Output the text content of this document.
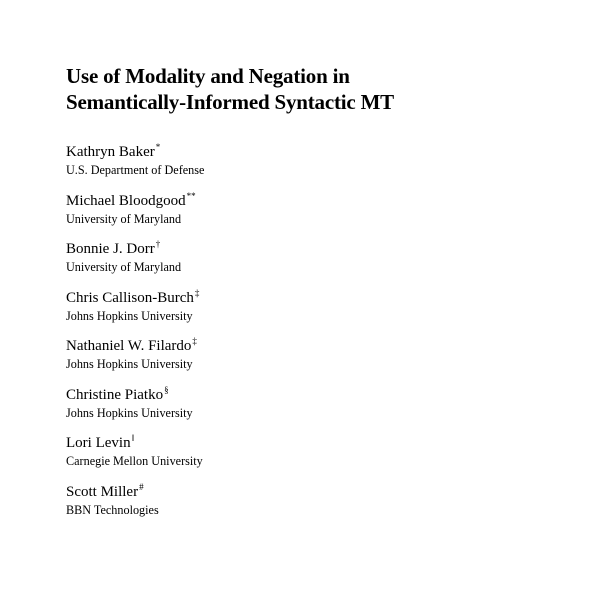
Use of Modality and Negation in
Semantically-Informed Syntactic MT
Kathryn Baker*
U.S. Department of Defense
Michael Bloodgood**
University of Maryland
Bonnie J. Dorr†
University of Maryland
Chris Callison-Burch‡
Johns Hopkins University
Nathaniel W. Filardo‡
Johns Hopkins University
Christine Piatko§
Johns Hopkins University
Lori Levin‖
Carnegie Mellon University
Scott Miller#
BBN Technologies
